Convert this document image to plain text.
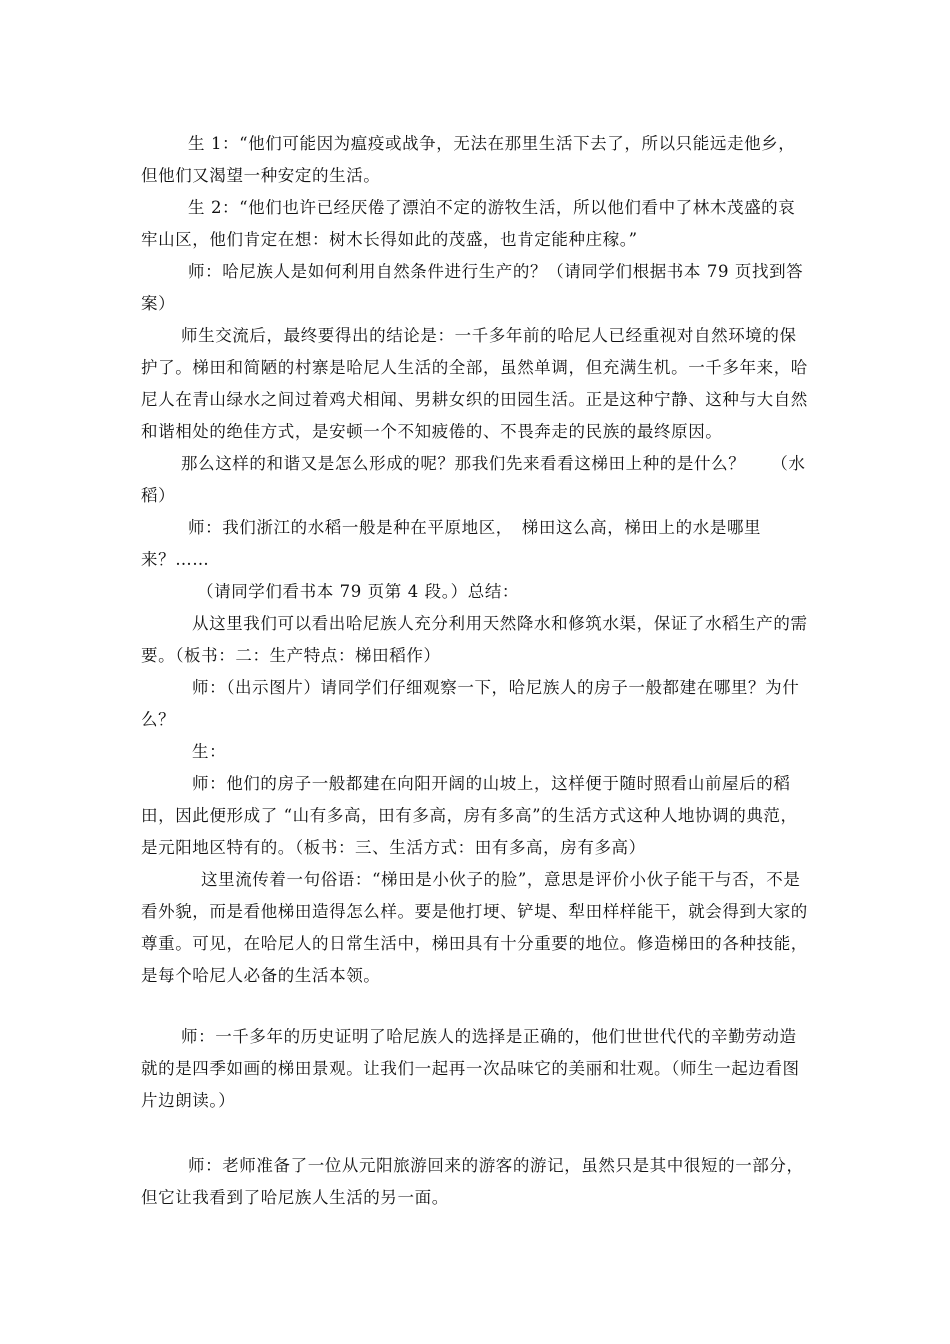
生 1：“他们可能因为瘟疫或战争，无法在那里生活下去了，所以只能远走他乡，但他们又渴望一种安定的生活。

生 2：“他们也许已经厌倦了漂泊不定的游牧生活，所以他们看中了林木茂盛的哀牢山区，他们肯定在想：树木长得如此的茂盛，也肯定能种庄稼。”

师：哈尼族人是如何利用自然条件进行生产的？（请同学们根据书本 79 页找到答案）

师生交流后，最终要得出的结论是：一千多年前的哈尼人已经重视对自然环境的保护了。梯田和简陋的村寨是哈尼人生活的全部，虽然单调，但充满生机。一千多年来，哈尼人在青山绿水之间过着鸡犬相闻、男耕女织的田园生活。正是这种宁静、这种与大自然和谐相处的绝佳方式，是安顿一个不知疲倦的、不畏奔走的民族的最终原因。

那么这样的和谐又是怎么形成的呢？那我们先来看看这梯田上种的是什么？　　（水稻）

师：我们浙江的水稻一般是种在平原地区，　梯田这么高，梯田上的水是哪里来？……

（请同学们看书本 79 页第 4 段。）总结：

从这里我们可以看出哈尼族人充分利用天然降水和修筑水渠，保证了水稻生产的需要。（板书：二：生产特点：梯田稻作）

师：（出示图片）请同学们仔细观察一下，哈尼族人的房子一般都建在哪里？为什么？

生：

师：他们的房子一般都建在向阳开阔的山坡上，这样便于随时照看山前屋后的稻田，因此便形成了 “山有多高，田有多高，房有多高”的生活方式这种人地协调的典范，是元阳地区特有的。（板书：三、生活方式：田有多高，房有多高）

这里流传着一句俗语：“梯田是小伙子的脸”，意思是评价小伙子能干与否，不是看外貌，而是看他梯田造得怎么样。要是他打埂、铲堤、犁田样样能干，就会得到大家的尊重。可见，在哈尼人的日常生活中，梯田具有十分重要的地位。修造梯田的各种技能，是每个哈尼人必备的生活本领。

师：一千多年的历史证明了哈尼族人的选择是正确的，他们世世代代的辛勤劳动造就的是四季如画的梯田景观。让我们一起再一次品味它的美丽和壮观。（师生一起边看图片边朗读。）

师：老师准备了一位从元阳旅游回来的游客的游记，虽然只是其中很短的一部分，但它让我看到了哈尼族人生活的另一面。
